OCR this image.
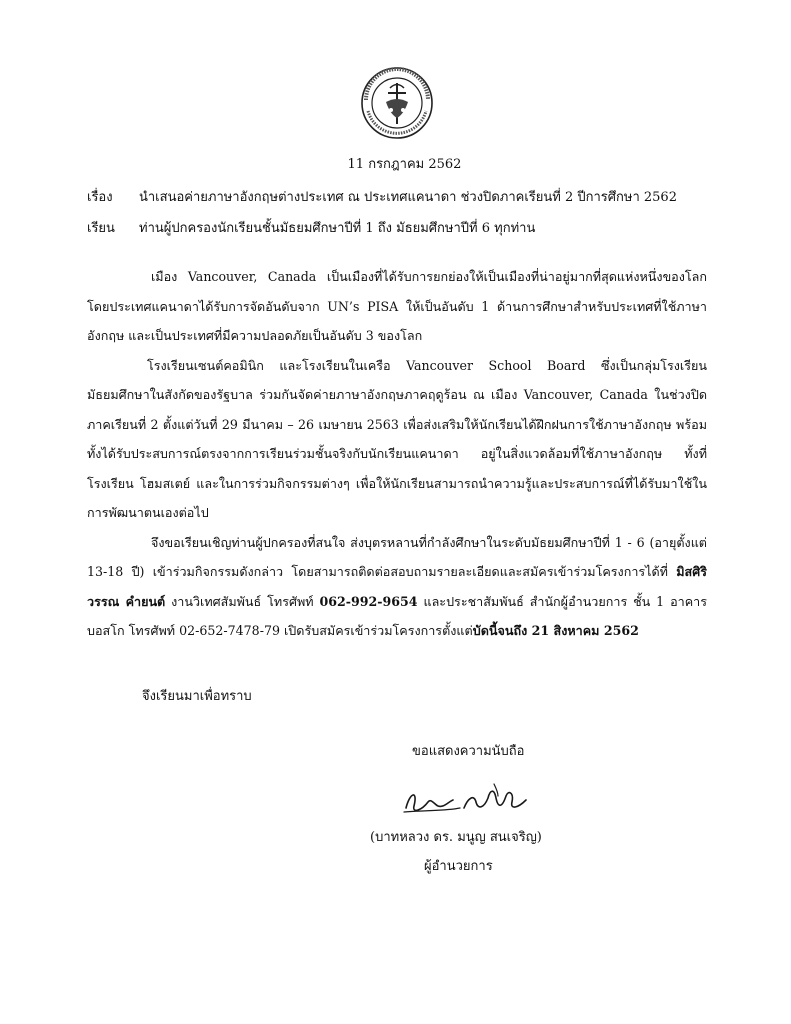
11 กรกฎาคม 2562
เรื่อง นำเสนอค่ายภาษาอังกฤษต่างประเทศ ณ ประเทศแคนาดา ช่วงปิดภาคเรียนที่ 2 ปีการศึกษา 2562
เรียน ท่านผู้ปกครองนักเรียนชั้นมัธยมศึกษาปีที่ 1 ถึง มัธยมศึกษาปีที่ 6 ทุกท่าน

เมือง Vancouver, Canada เป็นเมืองที่ได้รับการยกย่องให้เป็นเมืองที่น่าอยู่มากที่สุดแห่งหนึ่งของโลก โดยประเทศแคนาดาได้รับการจัดอันดับจาก UN’s PISA ให้เป็นอันดับ 1 ด้านการศึกษาสำหรับประเทศที่ใช้ภาษาอังกฤษ และเป็นประเทศที่มีความปลอดภัยเป็นอันดับ 3 ของโลก

โรงเรียนเซนต์คอมินิก และโรงเรียนในเครือ Vancouver School Board ซึ่งเป็นกลุ่มโรงเรียนมัธยมศึกษาในสังกัดของรัฐบาล ร่วมกันจัดค่ายภาษาอังกฤษภาคฤดูร้อน ณ เมือง Vancouver, Canada ในช่วงปิดภาคเรียนที่ 2 ตั้งแต่วันที่ 29 มีนาคม – 26 เมษายน 2563 เพื่อส่งเสริมให้นักเรียนได้ฝึกฝนการใช้ภาษาอังกฤษ พร้อมทั้งได้รับประสบการณ์ตรงจากการเรียนร่วมชั้นจริงกับนักเรียนแคนาดา อยู่ในสิ่งแวดล้อมที่ใช้ภาษาอังกฤษ ทั้งที่โรงเรียน โฮมสเตย์ และในการร่วมกิจกรรมต่างๆ เพื่อให้นักเรียนสามารถนำความรู้และประสบการณ์ที่ได้รับมาใช้ในการพัฒนาตนเองต่อไป

จึงขอเรียนเชิญท่านผู้ปกครองที่สนใจ ส่งบุตรหลานที่กำลังศึกษาในระดับมัธยมศึกษาปีที่ 1 - 6 (อายุตั้งแต่ 13-18 ปี) เข้าร่วมกิจกรรมดังกล่าว โดยสามารถติดต่อสอบถามรายละเอียดและสมัครเข้าร่วมโครงการได้ที่ มิสศิริวรรณ คำยนต์ งานวิเทศสัมพันธ์ โทรศัพท์ 062-992-9654 และประชาสัมพันธ์ สำนักผู้อำนวยการ ชั้น 1 อาคารบอสโก โทรศัพท์ 02-652-7478-79 เปิดรับสมัครเข้าร่วมโครงการตั้งแต่บัดนี้จนถึง 21 สิงหาคม 2562

จึงเรียนมาเพื่อทราบ
ขอแสดงความนับถือ
(บาทหลวง ดร. มนูญ สนเจริญ)
ผู้อำนวยการ
